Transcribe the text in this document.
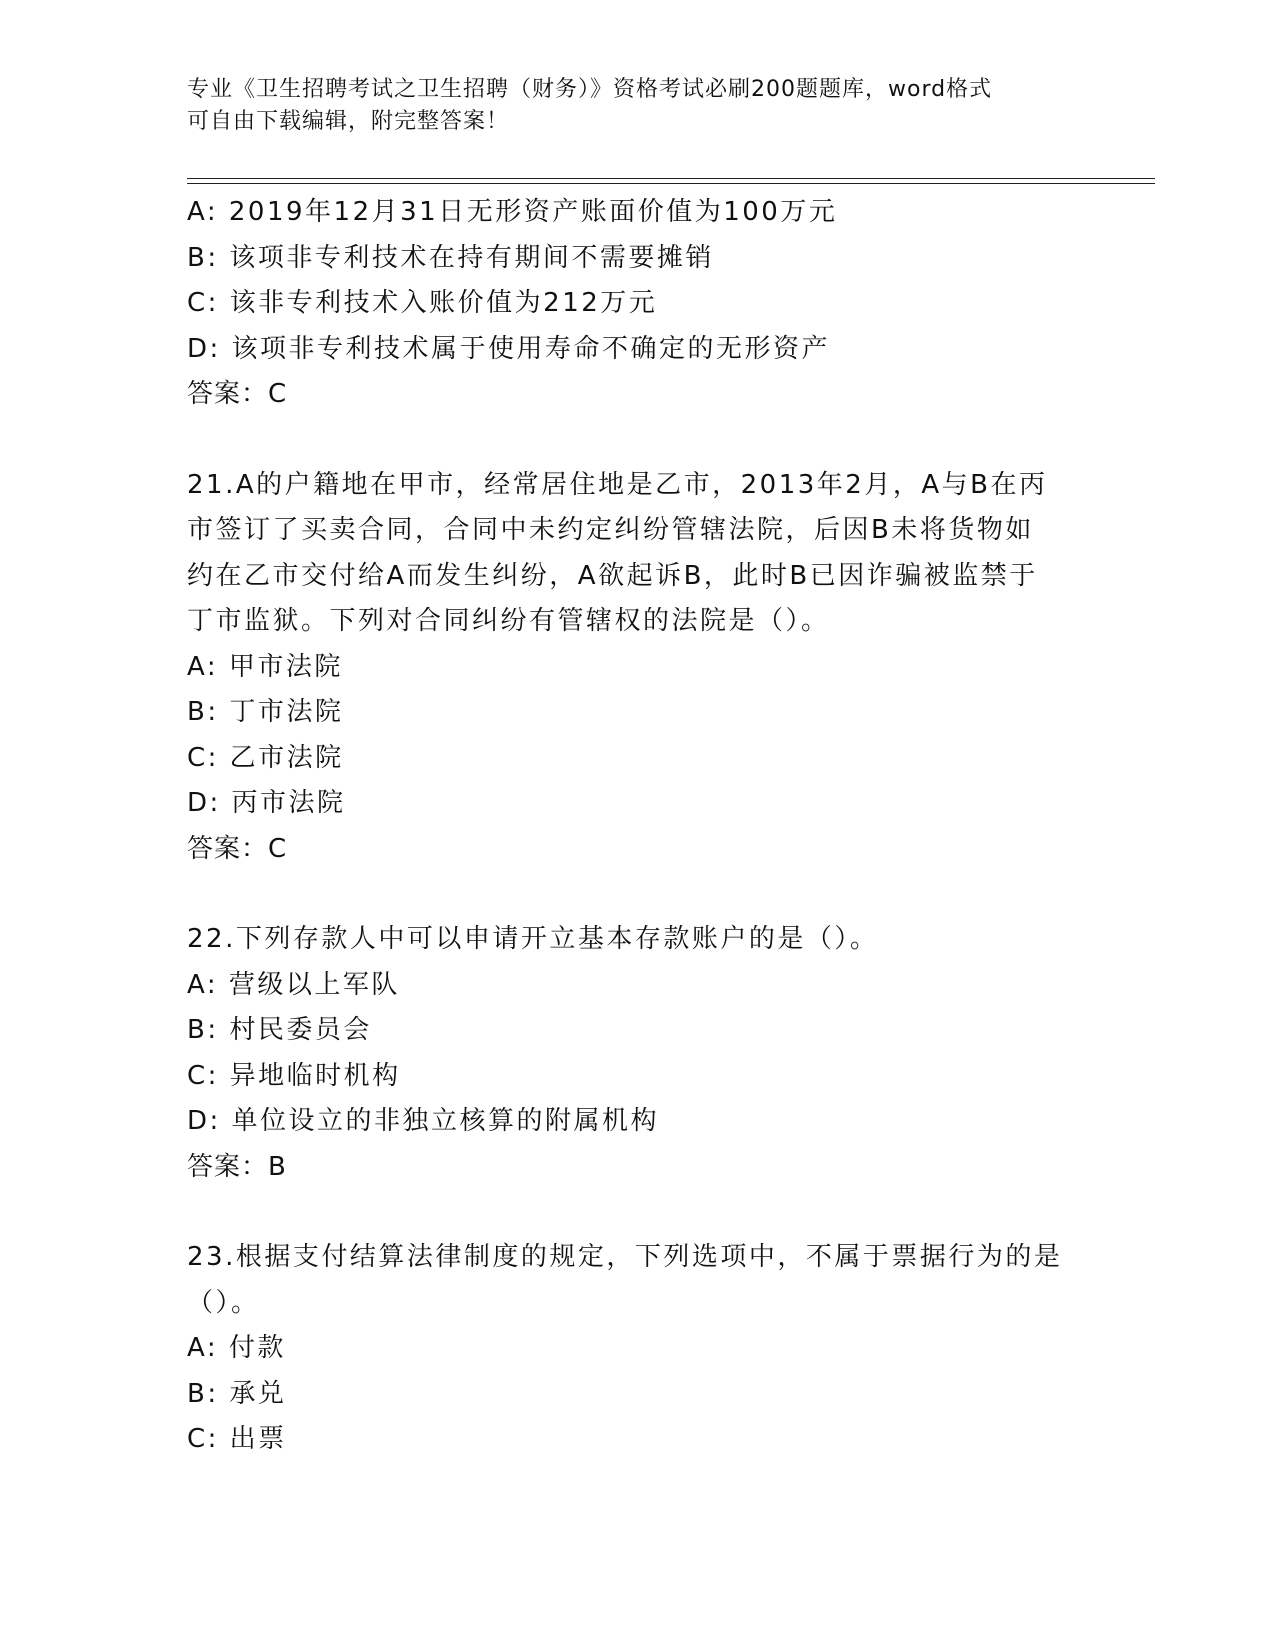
专业《卫生招聘考试之卫生招聘（财务）》资格考试必刷200题题库，word格式
可自由下载编辑，附完整答案！
A: 2019年12月31日无形资产账面价值为100万元
B: 该项非专利技术在持有期间不需要摊销
C: 该非专利技术入账价值为212万元
D: 该项非专利技术属于使用寿命不确定的无形资产
答案：C
21.A的户籍地在甲市，经常居住地是乙市，2013年2月，A与B在丙
市签订了买卖合同，合同中未约定纠纷管辖法院，后因B未将货物如
约在乙市交付给A而发生纠纷，A欲起诉B，此时B已因诈骗被监禁于
丁市监狱。下列对合同纠纷有管辖权的法院是（）。
A: 甲市法院
B: 丁市法院
C: 乙市法院
D: 丙市法院
答案：C
22.下列存款人中可以申请开立基本存款账户的是（）。
A: 营级以上军队
B: 村民委员会
C: 异地临时机构
D: 单位设立的非独立核算的附属机构
答案：B
23.根据支付结算法律制度的规定，下列选项中，不属于票据行为的是
（）。
A: 付款
B: 承兑
C: 出票
